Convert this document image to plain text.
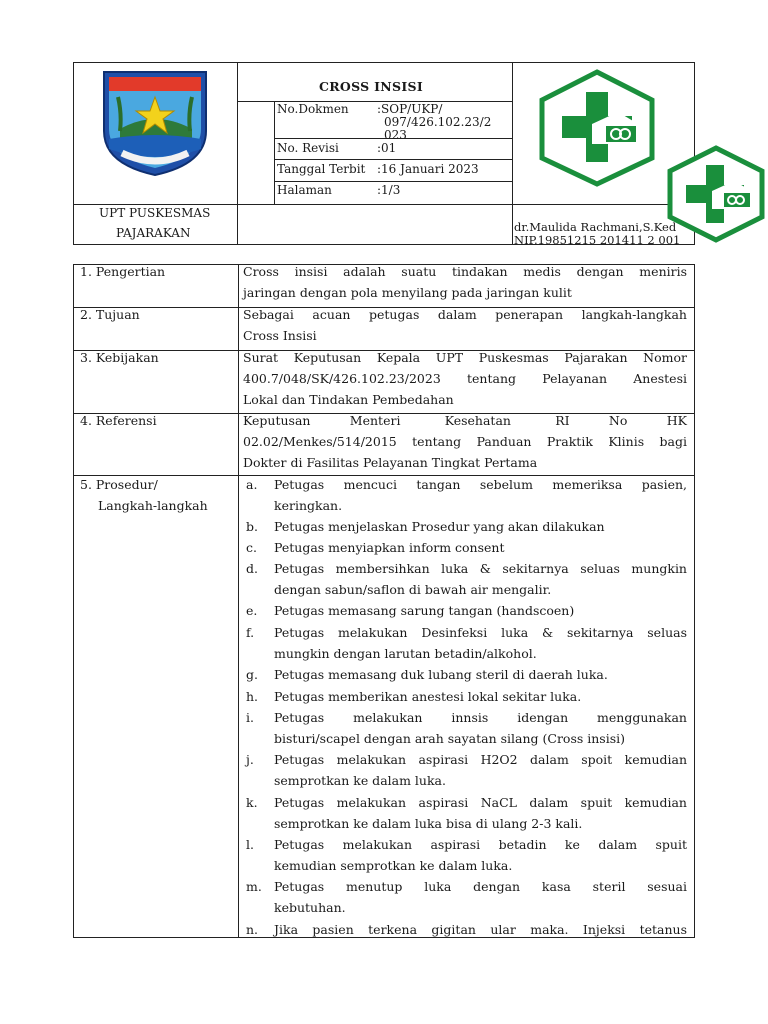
CROSS INSISI
No.Dokmen :SOP/UKP/
097/426.102.23/2
023
No. Revisi	:01
Tanggal Terbit :16 Januari 2023
Halaman	:1/3
UPT PUSKESMAS
PAJARAKAN	dr.Maulida Rachmani,S.Ked
NIP.19851215 201411 2 001
1. Pengertian	Cross insisi adalah suatu tindakan medis dengan meniris
jaringan dengan pola menyilang pada jaringan kulit
2. Tujuan	Sebagai acuan petugas dalam penerapan langkah-langkah
Cross Insisi
3. Kebijakan	Surat Keputusan Kepala UPT Puskesmas Pajarakan Nomor
400.7/048/SK/426.102.23/2023 tentang Pelayanan Anestesi
Lokal dan Tindakan Pembedahan
4. Referensi	Keputusan        Menteri         Kesehatan         RI        No        HK
02.02/Menkes/514/2015 tentang Panduan Praktik Klinis bagi
Dokter di Fasilitas Pelayanan Tingkat Pertama
5. Prosedur/
Langkah-langkah
a. Petugas mencuci tangan sebelum memeriksa pasien,
keringkan.
b. Petugas menjelaskan Prosedur yang akan dilakukan
c. Petugas menyiapkan inform consent
d. Petugas membersihkan luka & sekitarnya seluas mungkin
dengan sabun/saflon di bawah air mengalir.
e. Petugas memasang sarung tangan (handscoen)
f. Petugas melakukan Desinfeksi luka & sekitarnya seluas
mungkin dengan larutan betadin/alkohol.
g. Petugas memasang duk lubang steril di daerah luka.
h. Petugas memberikan anestesi lokal sekitar luka.
i. Petugas melakukan innsis idengan menggunakan
bisturi/scapel dengan arah sayatan silang (Cross insisi)
j. Petugas melakukan aspirasi H2O2 dalam spoit kemudian
semprotkan ke dalam luka.
k. Petugas melakukan aspirasi NaCL dalam spuit kemudian
semprotkan ke dalam luka bisa di ulang 2-3 kali.
l. Petugas melakukan aspirasi betadin ke dalam spuit
kemudian semprotkan ke dalam luka.
m. Petugas menutup luka dengan kasa steril sesuai
kebutuhan.
n. Jika pasien terkena gigitan ular maka. Injeksi tetanus
